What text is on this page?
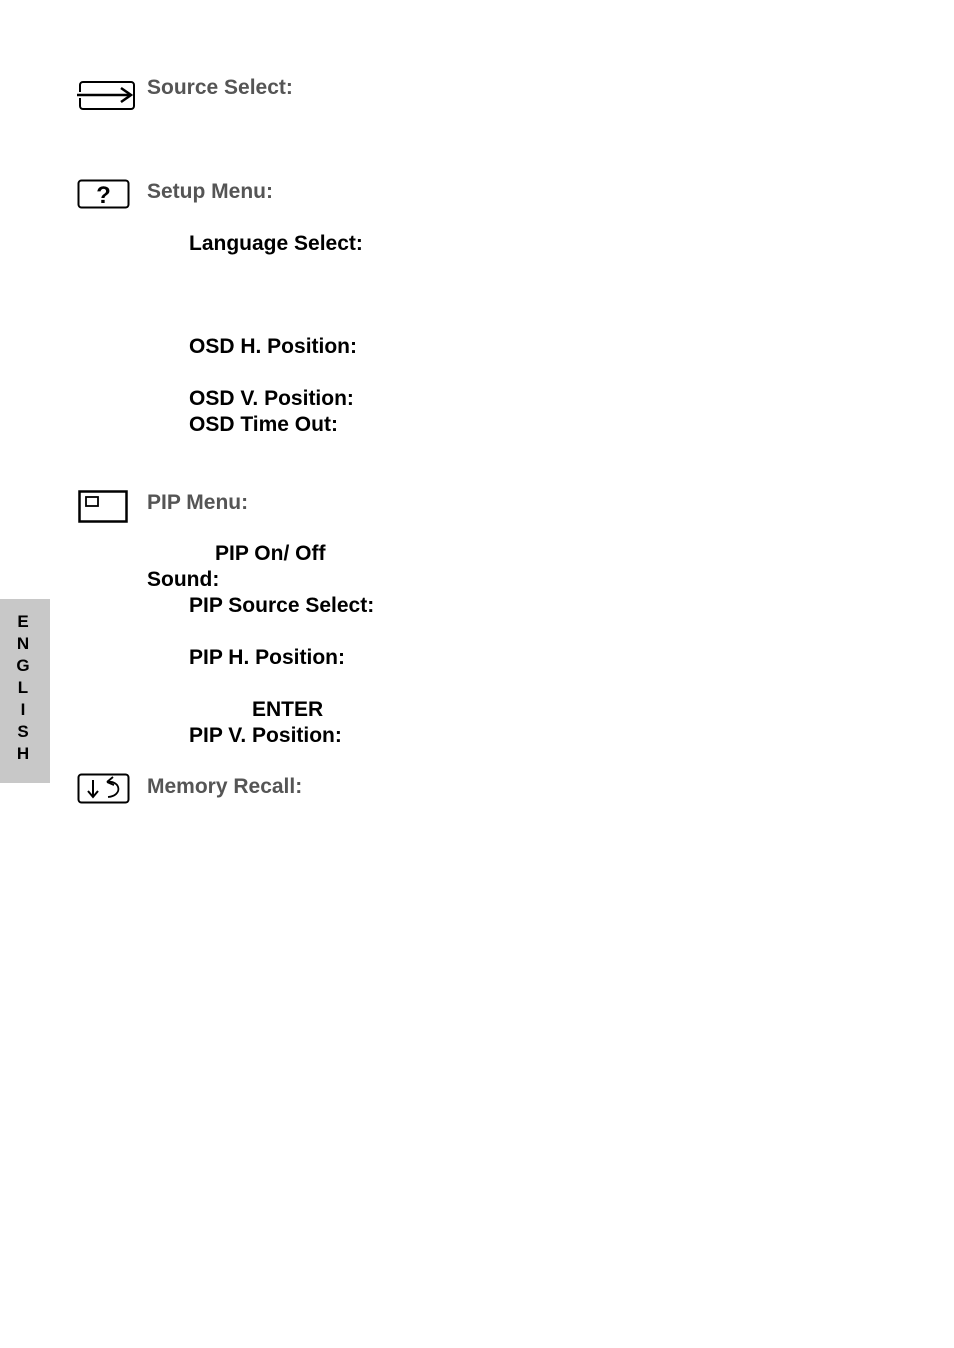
Source Select:
? Setup Menu:
Language Select:
OSD H. Position:
OSD V. Position:
OSD Time Out:
PIP Menu:
PIP On/ Off
Sound:
PIP Source Select:
PIP H. Position:
ENTER
PIP V. Position:
Memory Recall:
E
N
G
L
I
S
H
